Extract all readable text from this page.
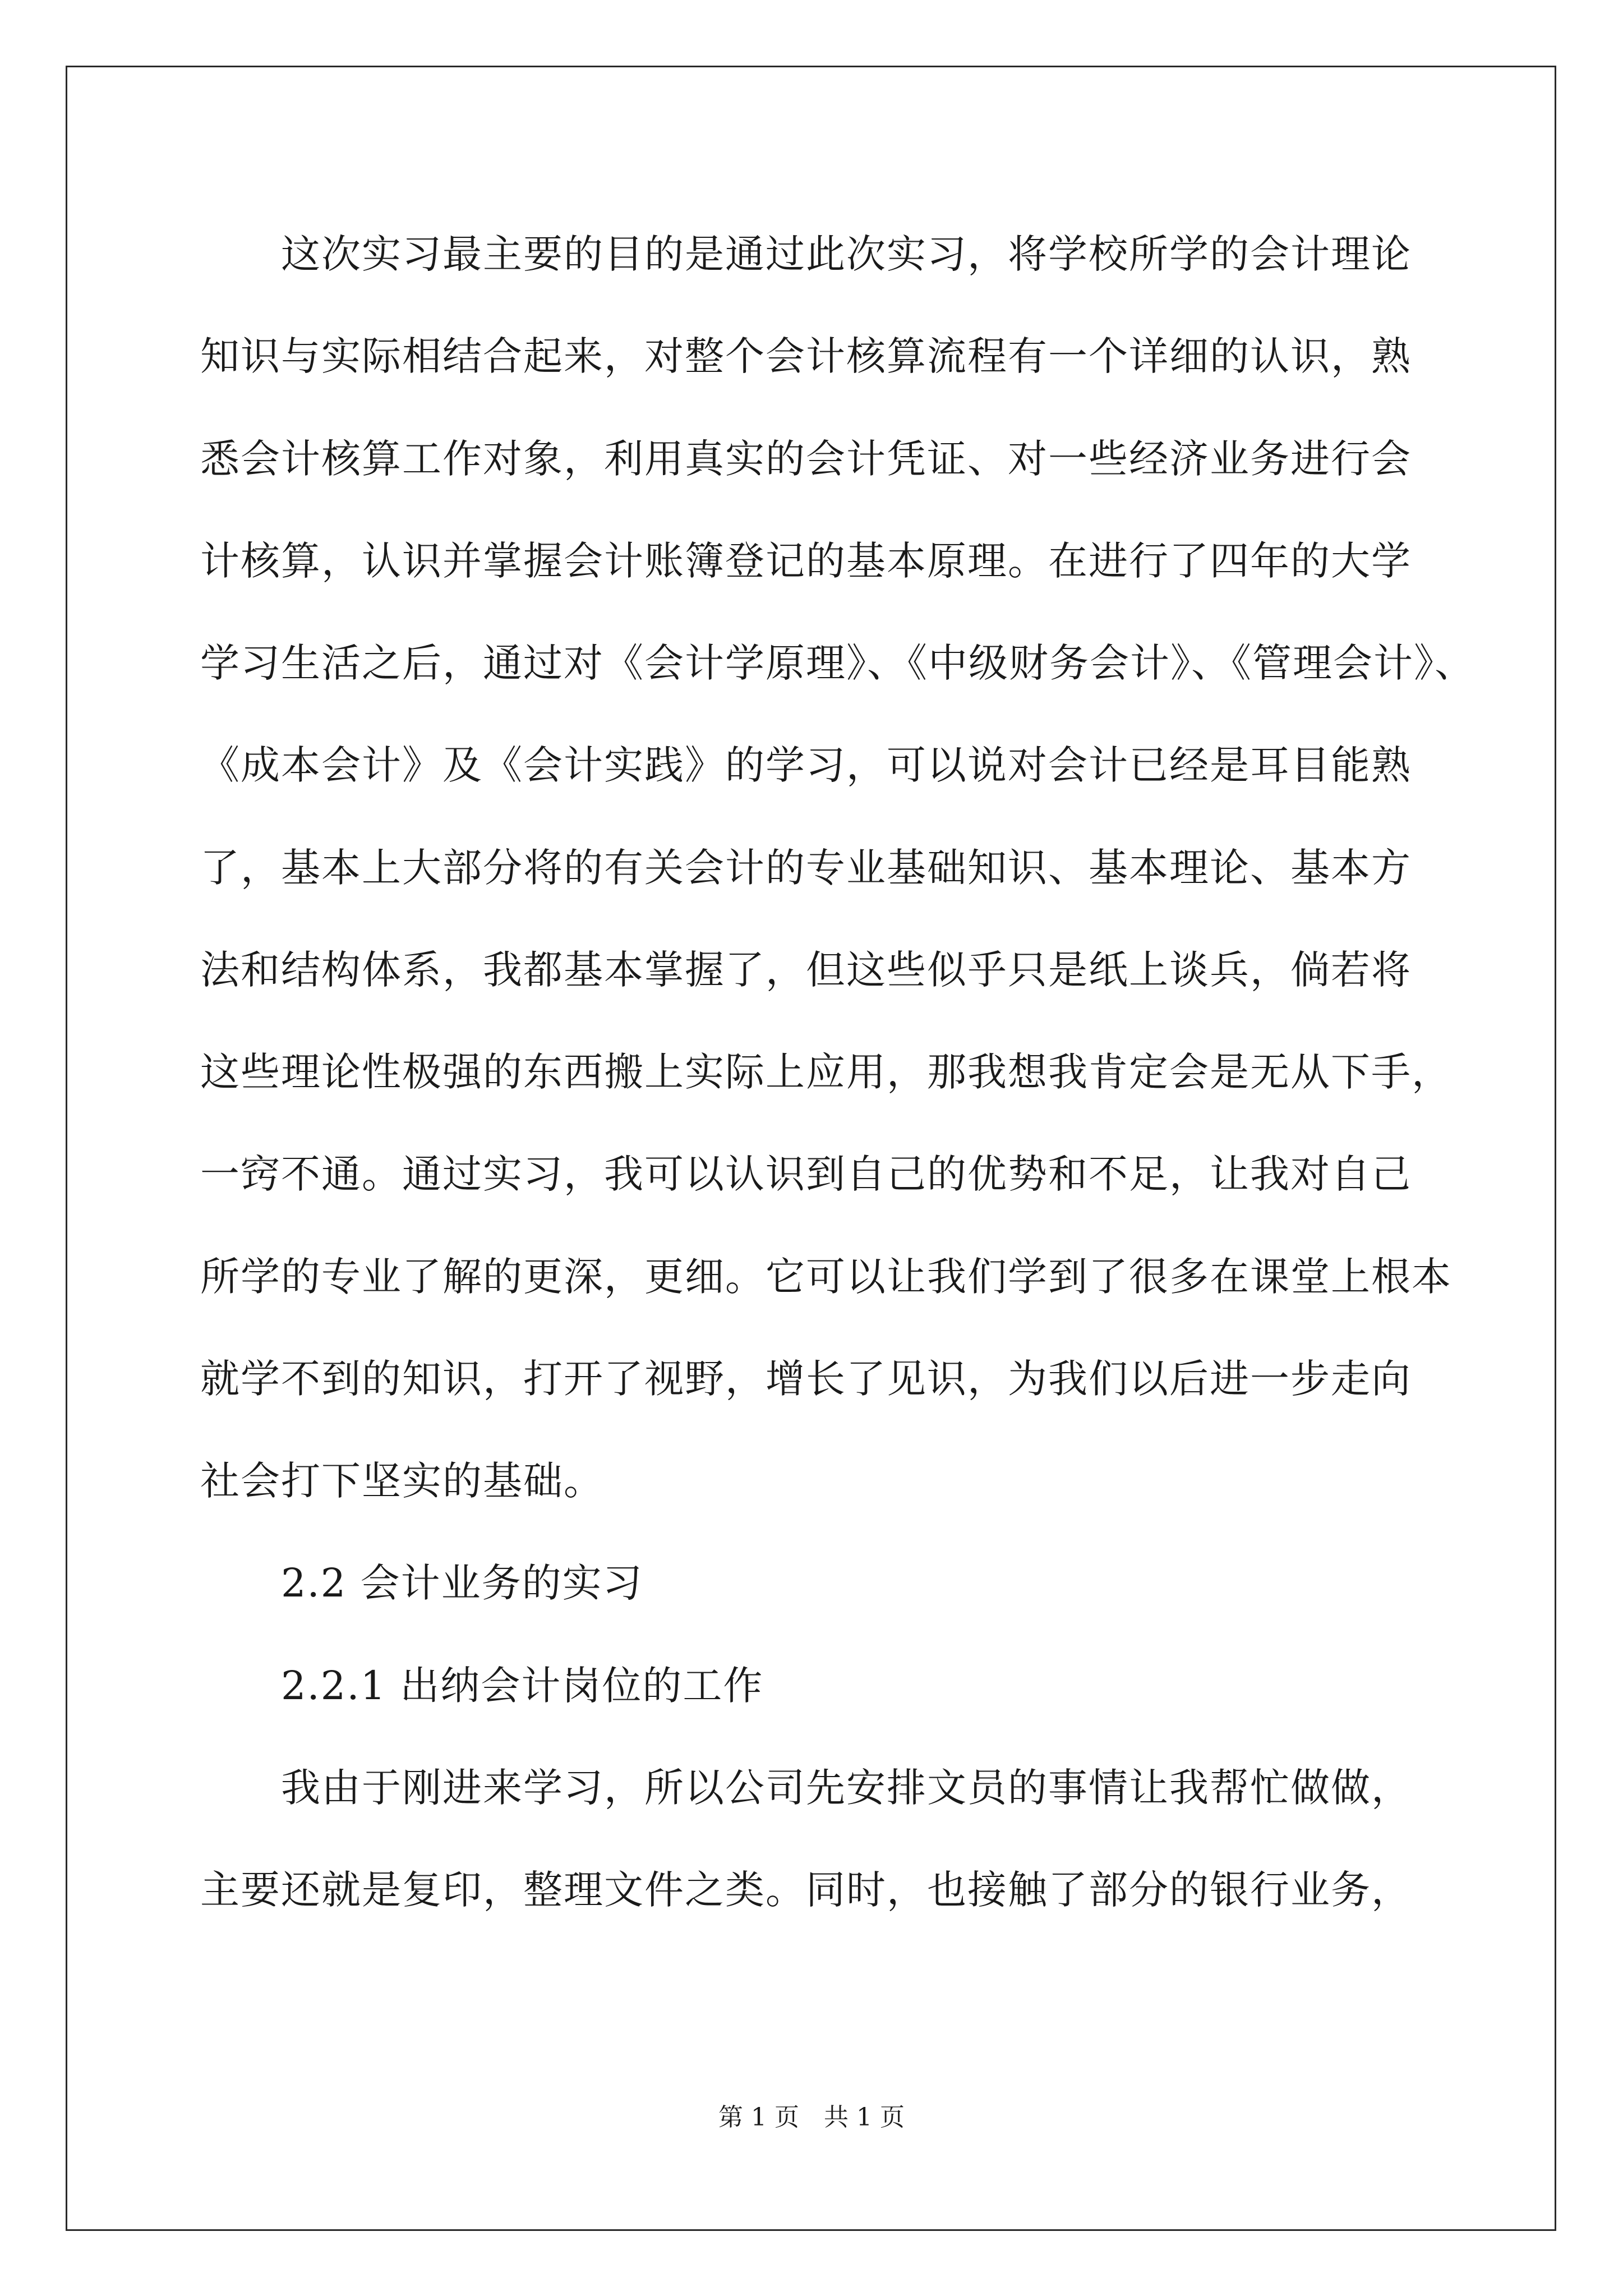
　　这次实习最主要的目的是通过此次实习，将学校所学的会计理论
知识与实际相结合起来，对整个会计核算流程有一个详细的认识，熟
悉会计核算工作对象，利用真实的会计凭证、对一些经济业务进行会
计核算，认识并掌握会计账簿登记的基本原理。在进行了四年的大学
学习生活之后，通过对《会计学原理》、《中级财务会计》、《管理会计》、
《成本会计》及《会计实践》的学习，可以说对会计已经是耳目能熟
了，基本上大部分将的有关会计的专业基础知识、基本理论、基本方
法和结构体系，我都基本掌握了，但这些似乎只是纸上谈兵，倘若将
这些理论性极强的东西搬上实际上应用，那我想我肯定会是无从下手，
一窍不通。通过实习，我可以认识到自己的优势和不足，让我对自己
所学的专业了解的更深，更细。它可以让我们学到了很多在课堂上根本
就学不到的知识，打开了视野，增长了见识，为我们以后进一步走向
社会打下坚实的基础。
　　2.2 会计业务的实习
　　2.2.1 出纳会计岗位的工作
　　我由于刚进来学习，所以公司先安排文员的事情让我帮忙做做，
主要还就是复印，整理文件之类。同时，也接触了部分的银行业务，
第 1 页　共 1 页
